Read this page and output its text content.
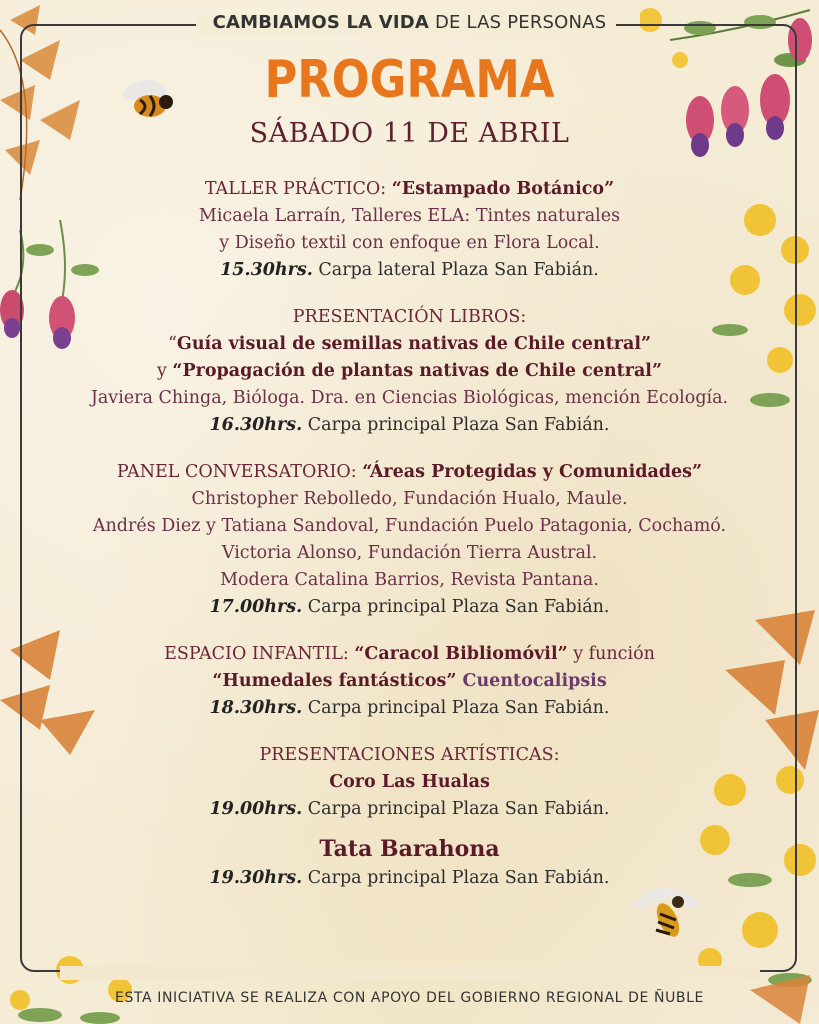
CAMBIAMOS LA VIDA DE LAS PERSONAS
PROGRAMA
SÁBADO 11 DE ABRIL
TALLER PRÁCTICO: “Estampado Botánico”
Micaela Larraín, Talleres ELA: Tintes naturales
y Diseño textil con enfoque en Flora Local.
15.30hrs. Carpa lateral Plaza San Fabián.
PRESENTACIÓN LIBROS:
“Guía visual de semillas nativas de Chile central”
y “Propagación de plantas nativas de Chile central”
Javiera Chinga, Bióloga. Dra. en Ciencias Biológicas, mención Ecología.
16.30hrs. Carpa principal Plaza San Fabián.
PANEL CONVERSATORIO: “Áreas Protegidas y Comunidades”
Christopher Rebolledo, Fundación Hualo, Maule.
Andrés Diez y Tatiana Sandoval, Fundación Puelo Patagonia, Cochamó.
Victoria Alonso, Fundación Tierra Austral.
Modera Catalina Barrios, Revista Pantana.
17.00hrs. Carpa principal Plaza San Fabián.
ESPACIO INFANTIL: “Caracol Bibliomóvil” y función
“Humedales fantásticos” Cuentocalipsis
18.30hrs. Carpa principal Plaza San Fabián.
PRESENTACIONES ARTÍSTICAS:
Coro Las Hualas
19.00hrs. Carpa principal Plaza San Fabián.
Tata Barahona
19.30hrs. Carpa principal Plaza San Fabián.
ESTA INICIATIVA SE REALIZA CON APOYO DEL GOBIERNO REGIONAL DE ÑUBLE
